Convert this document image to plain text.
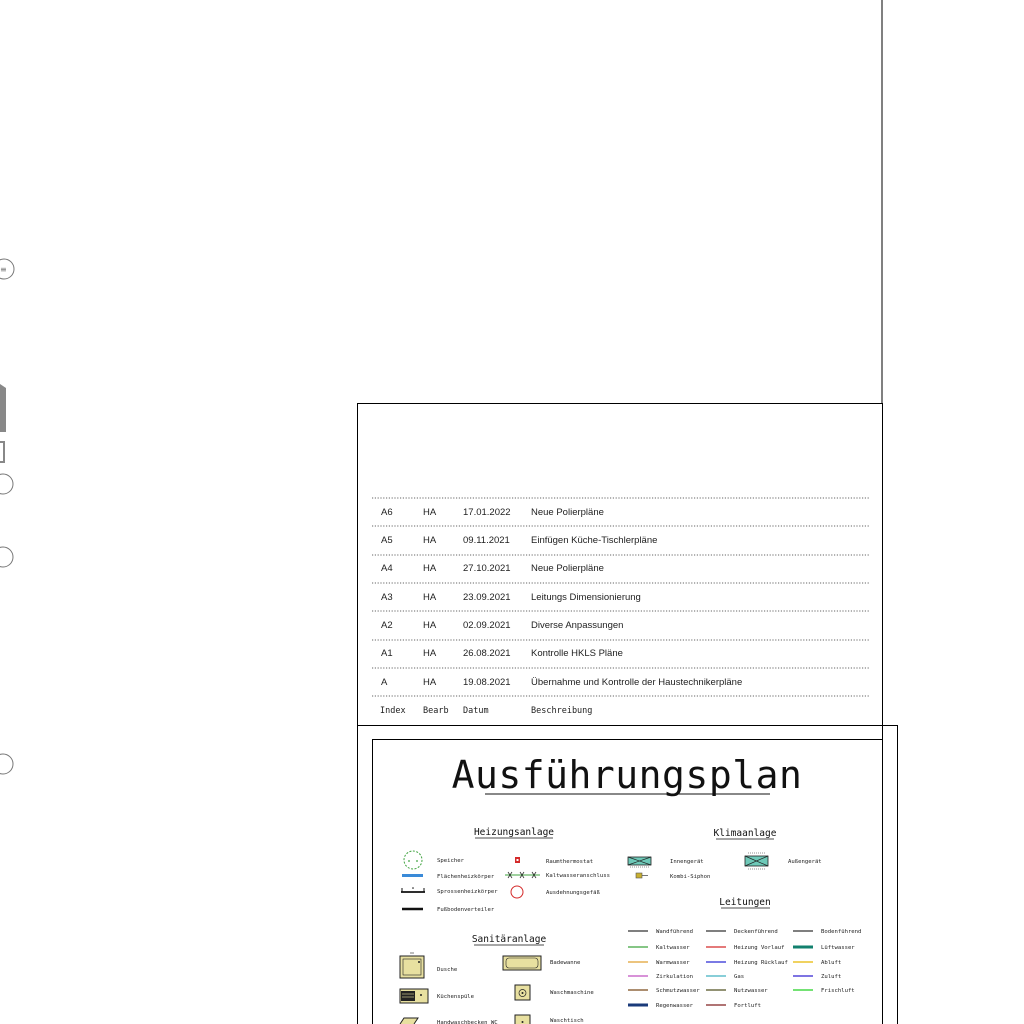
≡
A6	HA	17.01.2022 Neue Polierpläne
A5	HA	09.11.2021 Einfügen Küche-Tischlerpläne
A4	HA	27.10.2021 Neue Polierpläne
A3	HA	23.09.2021 Leitungs Dimensionierung
A2	HA	02.09.2021 Diverse Anpassungen
A1	HA	26.08.2021 Kontrolle HKLS Pläne
A	HA	19.08.2021 Übernahme und Kontrolle der Haustechnikerpläne
Index Bearb Datum	Beschreibung
Ausführungsplan
Heizungsanlage	Klimaanlage
Leitungen
Sanitäranlage
Speicher
Flächenheizkörper
Sprossenheizkörper
Fußbodenverteiler
Raumthermostat
Kaltwasseranschluss
Ausdehnungsgefäß
Innengerät
Kombi-Siphon
Außengerät
Wandführend	Deckenführend	Bodenführend
Kaltwasser	Heizung Vorlauf	Lüftwasser
Warmwasser	Heizung Rücklauf	Abluft
Zirkulation	Gas	Zuluft
Schmutzwasser	Nutzwasser	Frischluft
Regenwasser	Fortluft
Dusche
Badewanne
Küchenspüle
Waschmaschine
Waschtisch
Handwaschbecken WC
